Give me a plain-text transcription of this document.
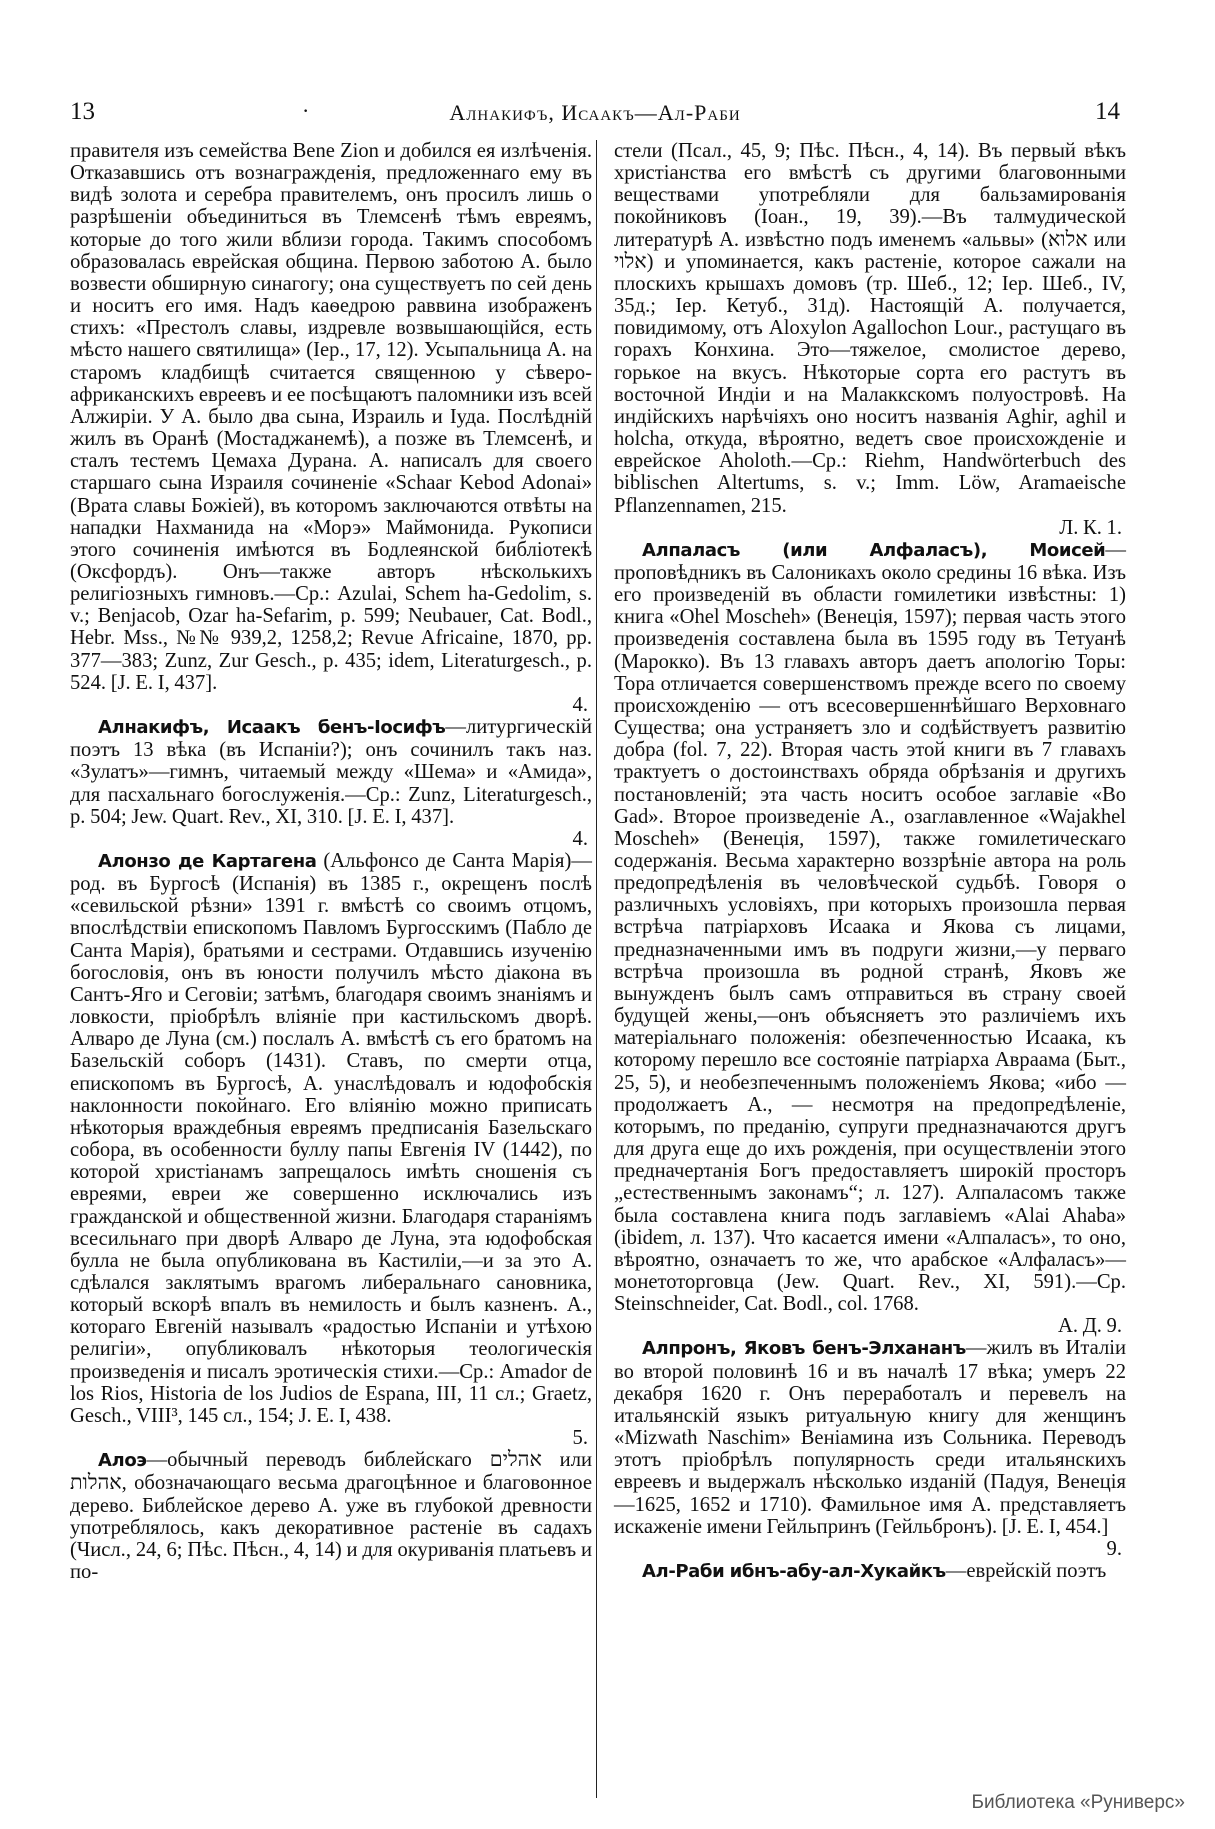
13	·	Алнакифъ, Исаакъ—Ал-Раби	14

правителя изъ семейства Bene Zion и добился ея излѣченія. Отказавшись отъ вознагражденія, предложеннаго ему въ видѣ золота и серебра правителемъ, онъ просилъ лишь о разрѣшеніи объединиться въ Тлемсенѣ тѣмъ евреямъ, которые до того жили вблизи города. Такимъ способомъ образовалась еврейская община. Первою заботою А. было возвести обширную синагогу; она существуетъ по сей день и носитъ его имя. Надъ каѳедрою раввина изображенъ стихъ: «Престолъ славы, издревле возвышающійся, есть мѣсто нашего святилища» (Іер., 17, 12). Усыпальница А. на старомъ кладбищѣ считается священною у сѣверо-африканскихъ евреевъ и ее посѣщаютъ паломники изъ всей Алжиріи. У А. было два сына, Израиль и Іуда. Послѣдній жилъ въ Оранѣ (Мостаджанемѣ), а позже въ Тлемсенѣ, и сталъ тестемъ Цемаха Дурана. А. написалъ для своего старшаго сына Израиля сочиненіе «Schaar Kebod Adonai» (Врата славы Божіей), въ которомъ заключаются отвѣты на нападки Нахманида на «Морэ» Маймонида. Рукописи этого сочиненія имѣются въ Бодлеянской библіотекѣ (Оксфордъ). Онъ—также авторъ нѣсколькихъ религіозныхъ гимновъ.—Ср.: Azulai, Schem ha-Gedolim, s. v.; Benjacob, Ozar ha-Sefarim, p. 599; Neubauer, Cat. Bodl., Hebr. Mss., №№ 939,2, 1258,2; Revue Africaine, 1870, pp. 377—383; Zunz, Zur Gesch., p. 435; idem, Literaturgesch., p. 524. [J. E. I, 437].
4.

Алнакифъ, Исаакъ бенъ-Іосифъ—литургическій поэтъ 13 вѣка (въ Испаніи?); онъ сочинилъ такъ наз. «Зулатъ»—гимнъ, читаемый между «Шема» и «Амида», для пасхальнаго богослуженія.—Ср.: Zunz, Literaturgesch., p. 504; Jew. Quart. Rev., XI, 310. [J. E. I, 437].
4.

Алонзо де Картагена (Альфонсо де Санта Марія)—род. въ Бургосѣ (Испанія) въ 1385 г., окрещенъ послѣ «севильской рѣзни» 1391 г. вмѣстѣ со своимъ отцомъ, впослѣдствіи епископомъ Павломъ Бургосскимъ (Пабло де Санта Марія), братьями и сестрами. Отдавшись изученію богословія, онъ въ юности получилъ мѣсто діакона въ Сантъ-Яго и Сеговіи; затѣмъ, благодаря своимъ знаніямъ и ловкости, пріобрѣлъ вліяніе при кастильскомъ дворѣ. Алваро де Луна (см.) послалъ А. вмѣстѣ съ его братомъ на Базельскій соборъ (1431). Ставъ, по смерти отца, епископомъ въ Бургосѣ, А. унаслѣдовалъ и юдофобскія наклонности покойнаго. Его вліянію можно приписать нѣкоторыя враждебныя евреямъ предписанія Базельскаго собора, въ особенности буллу папы Евгенія IV (1442), по которой христіанамъ запрещалось имѣть сношенія съ евреями, евреи же совершенно исключались изъ гражданской и общественной жизни. Благодаря стараніямъ всесильнаго при дворѣ Алваро де Луна, эта юдофобская булла не была опубликована въ Кастиліи,—и за это А. сдѣлался заклятымъ врагомъ либеральнаго сановника, который вскорѣ впалъ въ немилость и былъ казненъ. А., котораго Евгеній называлъ «радостью Испаніи и утѣхою религіи», опубликовалъ нѣкоторыя теологическія произведенія и писалъ эротическія стихи.—Ср.: Amador de los Rios, Historia de los Judios de Espana, III, 11 сл.; Graetz, Gesch., VIII³, 145 сл., 154; J. E. I, 438.
5.

Алоэ—обычный переводъ библейскаго אהלים или אהלות, обозначающаго весьма драгоцѣнное и благовонное дерево. Библейское дерево А. уже въ глубокой древности употреблялось, какъ декоративное растеніе въ садахъ (Числ., 24, 6; Пѣс. Пѣсн., 4, 14) и для окуриванія платьевъ и по-

стели (Псал., 45, 9; Пѣс. Пѣсн., 4, 14). Въ первый вѣкъ христіанства его вмѣстѣ съ другими благовонными веществами употребляли для бальзамированія покойниковъ (Іоан., 19, 39).—Въ талмудической литературѣ А. извѣстно подъ именемъ «альвы» (אלוא или אלוי) и упоминается, какъ растеніе, которое сажали на плоскихъ крышахъ домовъ (тр. Шеб., 12; Іер. Шеб., IV, 35д.; Іер. Кетуб., 31д). Настоящій А. получается, повидимому, отъ Aloxylon Agallochon Lour., растущаго въ горахъ Конхина. Это—тяжелое, смолистое дерево, горькое на вкусъ. Нѣкоторые сорта его растутъ въ восточной Индіи и на Малаккскомъ полуостровѣ. На индійскихъ нарѣчіяхъ оно носитъ названія Aghir, aghil и holcha, откуда, вѣроятно, ведетъ свое происхожденіе и еврейское Aholoth.—Ср.: Riehm, Handwörterbuch des biblischen Altertums, s. v.; Imm. Löw, Aramaeische Pflanzennamen, 215.
Л. К. 1.

Алпаласъ (или Алфаласъ), Моисей—проповѣдникъ въ Салоникахъ около средины 16 вѣка. Изъ его произведеній въ области гомилетики извѣстны: 1) книга «Ohel Moscheh» (Венеція, 1597); первая часть этого произведенія составлена была въ 1595 году въ Тетуанѣ (Марокко). Въ 13 главахъ авторъ даетъ апологію Торы: Тора отличается совершенствомъ прежде всего по своему происхожденію — отъ всесовершеннѣйшаго Верховнаго Существа; она устраняетъ зло и содѣйствуетъ развитію добра (fol. 7, 22). Вторая часть этой книги въ 7 главахъ трактуетъ о достоинствахъ обряда обрѣзанія и другихъ постановленій; эта часть носитъ особое заглавіе «Bo Gad». Второе произведеніе А., озаглавленное «Wajakhel Moscheh» (Венеція, 1597), также гомилетическаго содержанія. Весьма характерно воззрѣніе автора на роль предопредѣленія въ человѣческой судьбѣ. Говоря о различныхъ условіяхъ, при которыхъ произошла первая встрѣча патріарховъ Исаака и Якова съ лицами, предназначенными имъ въ подруги жизни,—у перваго встрѣча произошла въ родной странѣ, Яковъ же вынужденъ былъ самъ отправиться въ страну своей будущей жены,—онъ объясняетъ это различіемъ ихъ матеріальнаго положенія: обезпеченностью Исаака, къ которому перешло все состояніе патріарха Авраама (Быт., 25, 5), и необезпеченнымъ положеніемъ Якова; «ибо — продолжаетъ А., — несмотря на предопредѣленіе, которымъ, по преданію, супруги предназначаются другъ для друга еще до ихъ рожденія, при осуществленіи этого предначертанія Богъ предоставляетъ широкій просторъ „естественнымъ законамъ“; л. 127). Алпаласомъ также была составлена книга подъ заглавіемъ «Alai Ahaba» (ibidem, л. 137). Что касается имени «Алпаласъ», то оно, вѣроятно, означаетъ то же, что арабское «Алфаласъ»—монетоторговца (Jew. Quart. Rev., XI, 591).—Ср. Steinschneider, Cat. Bodl., col. 1768.
А. Д. 9.

Алпронъ, Яковъ бенъ-Элхананъ—жилъ въ Италіи во второй половинѣ 16 и въ началѣ 17 вѣка; умеръ 22 декабря 1620 г. Онъ переработалъ и перевелъ на итальянскій языкъ ритуальную книгу для женщинъ «Mizwath Naschim» Веніамина изъ Сольника. Переводъ этотъ пріобрѣлъ популярность среди итальянскихъ евреевъ и выдержалъ нѣсколько изданій (Падуя, Венеція—1625, 1652 и 1710). Фамильное имя А. представляетъ искаженіе имени Гейльпринъ (Гейльбронъ). [J. E. I, 454.]
9.

Ал-Раби ибнъ-абу-ал-Хукайкъ—еврейскій поэтъ

Библиотека «Руниверс»
